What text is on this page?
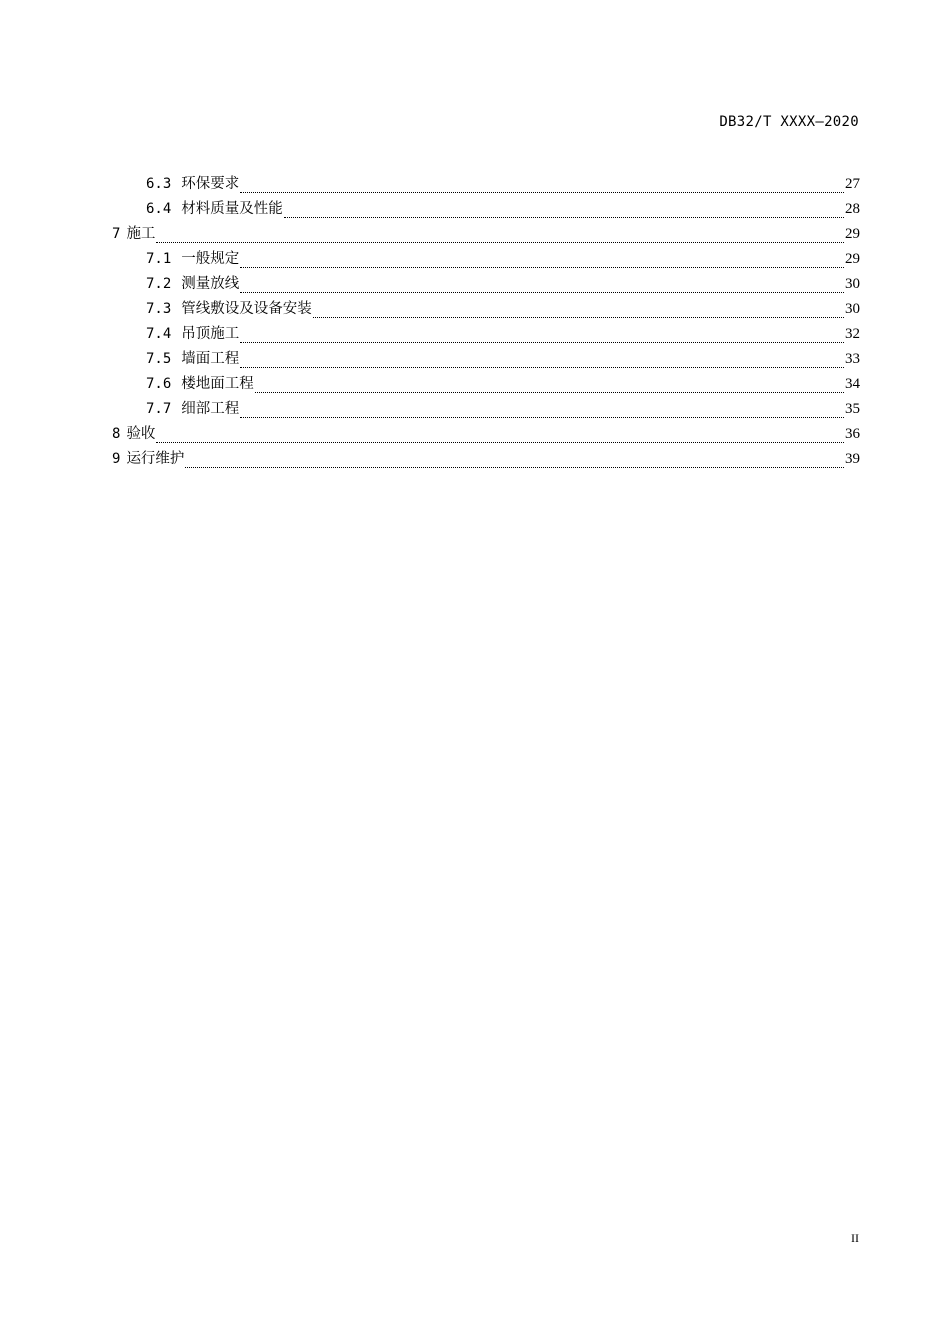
DB32/T XXXX—2020
6.3 环保要求	27
6.4 材料质量及性能	28
7 施工	29
7.1 一般规定	29
7.2 测量放线	30
7.3 管线敷设及设备安装	30
7.4 吊顶施工	32
7.5 墙面工程	33
7.6 楼地面工程	34
7.7 细部工程	35
8 验收	36
9 运行维护	39
II
